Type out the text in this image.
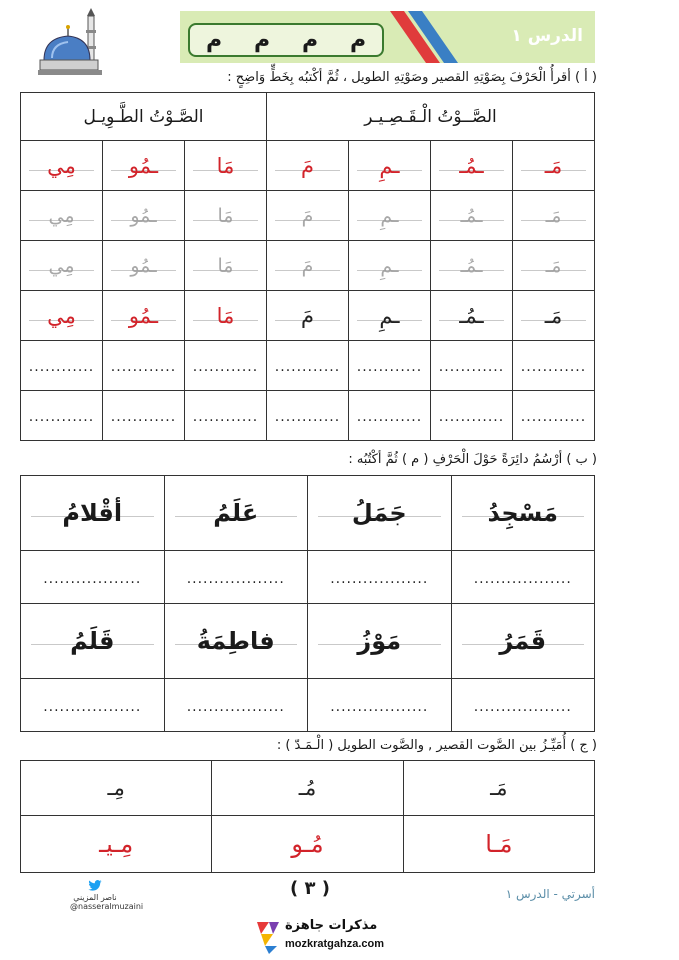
م
م
م
م	الدرس ١
( أ ) أقرأُ الْحَرْفَ بِصَوْتِهِ القصير وصَوْتِهِ الطويل ، ثُمَّ أكْتبُه بِخَطٍّ وَاضِحٍ :
الصَّــوْتُ الْـقَـصِـيـر				الصَّـوْتُ الطَّـوِيـل		

مَـ	ـمُـ	ـمِ	مَ	مَا	ـمُو	مِي

مَـ	ـمُـ	ـمِ	مَ	مَا	ـمُو	مِي

مَـ	ـمُـ	ـمِ	مَ	مَا	ـمُو	مِي

مَـ	ـمُـ	ـمِ	مَ	مَا	ـمُو	مِي
............	............	............	............	............	............	............
............	............	............	............	............	............	............
( ب ) أرْسُمُ دائِرَةً حَوْلَ الْحَرْفِ ( م ) ثُمَّ أكْتُبُه :
مَسْجِدُ	جَمَلُ	عَلَمُ	أقْلامُ
..................	..................	..................	..................

قَمَرُ	مَوْزُ	فاطِمَةُ	قَلَمُ
..................	..................	..................	..................
( ج ) أُمَيِّـزُ بين الصَّوت القصير , والصَّوت الطويل ( الْـمَـدّ ) :
مَـ	مُـ	مِـ
مَـا	مُـو	مِـيـ
ناصر المزيني
@nasseralmuzaini
( ٣ )	أسرتي - الدرس ١
مذكرات جاهزة
mozkratgahza.com
